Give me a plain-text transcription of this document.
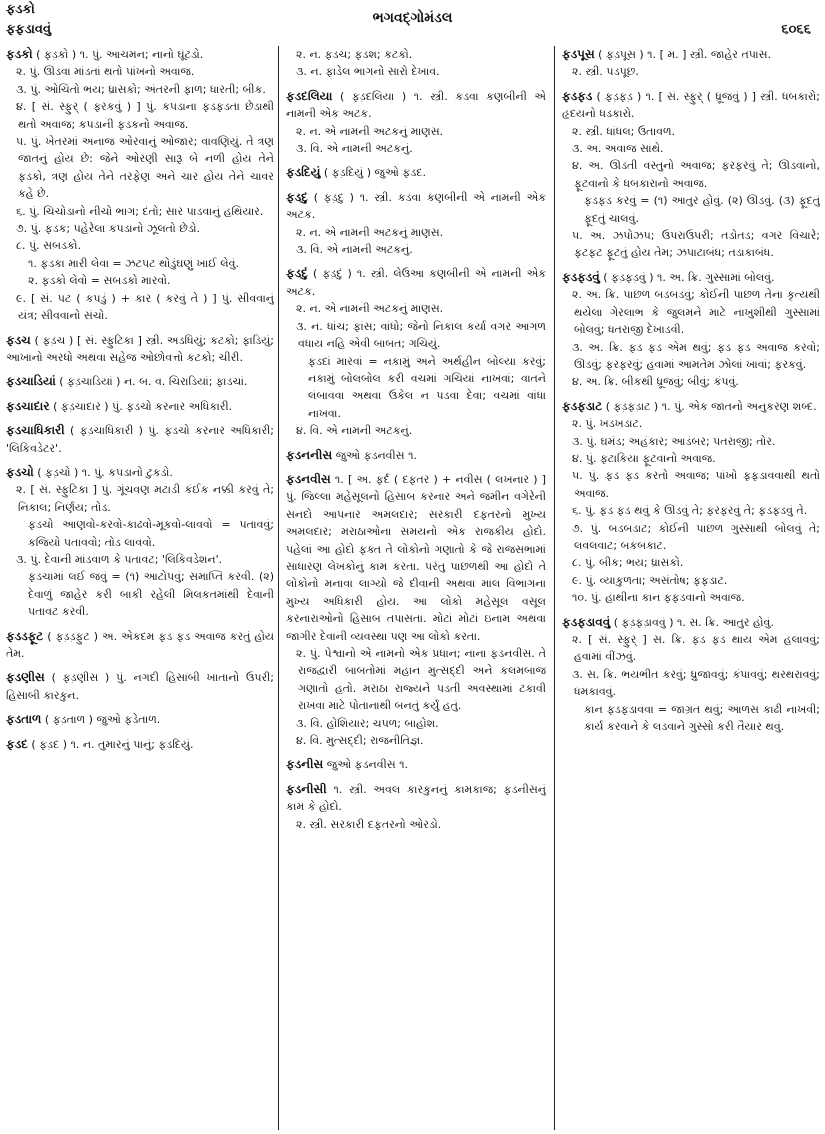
ફડકો
ફફડાવવું
ભગવદ્ગોમંડલ
૬૦૬૬
ફડકો ( ફડ઼કો ) ૧. પું. આચમન; નાનો ઘૂંટડો.
૨. પું. ઊડવા માંડતાં થતો પાંખનો અવાજ.
૩. પું. ઓચિંતો ભય; ધ્રાસકો; અંતરની ફાળ; ધારતી; બીક.
૪. [ સં. સ્ફુર્ ( ફરકવું ) ] પું. કપડાના ફડફડતા છેડાથી થતો અવાજ; કપડાની ફડકનો અવાજ.
૫. પું. ખેતરમાં અનાજ ઓરવાનું ઓજાર; વાવણિયું. તે ત્રણ જાતનું હોય છે: જેને ઓરણી સારૂ બે નળી હોય તેને ફડકો, ત્રણ હોય તેને તરફેણ અને ચાર હોય તેને ચાવર કહે છે.
૬. પું. ચિચોડાનો નીચો ભાગ; દંતો; સાર પાડવાનું હથિયાર.
૭. પું. ફડક; પહેરેલા કપડાનો ઝૂલતો છેડો.
૮. પું. સબડકો.
૧. ફડકા મારી લેવા = ઝટપટ થોડુંઘણું ખાઈ લેવું.
૨. ફડકો લેવો = સબડકો મારવો.
૯. [ સં. પટ ( કપડું ) + કાર ( કરવું તે ) ] પું. સીવવાનું યંત્ર; સીવવાનો સંચો.
ફડચ ( ફડ઼ચ ) [ સં. સ્ફુટિકા ] સ્ત્રી. અડધિયું; કટકો; ફાડિયું; આખાનો અરધો અથવા સહેજ ઓછોવત્તો કટકો; ચીરી.
ફડચાડિયાં ( ફડ઼ચાડિયાં ) ન. બ. વ. ચિરાડિયાં; ફાડચાં.
ફડચાદાર ( ફડ઼ચાદાર ) પું. ફડચો કરનાર અધિકારી.
ફડચાધિકારી ( ફડ઼ચાધિકારી ) પું. ફડચો કરનાર અધિકારી; 'લિકિવડેટર'.
ફડચો ( ફડ઼ચો ) ૧. પું. કપડાનો ટુકડો.
૨. [ સં. સ્ફુટિકા ] પું. ગૂંચવણ મટાડી કંઈક નક્કી કરવું તે; નિકાલ; નિર્ણય; તોડ.
ફડચો આણવો-કરવો-કાઢવો-મૂકવો-લાવવો = પતાવવું; કજિયો પતાવવો; તોડ લાવવો.
૩. પું. દેવાની માંડવાળ કે પતાવટ; 'લિકિવડેશન'.
ફડચામાં લઈ જવું = (૧) આટોપવું; સમાપ્તિ કરવી. (૨) દેવાળું જાહેર કરી બાકી રહેલી મિલકતમાંથી દેવાની પતાવટ કરવી.
ફડડફૂટ ( ફડ઼ડ઼ફુટ ) અ. એકદમ ફડ ફડ અવાજ કરતું હોય તેમ.
ફડણીસ ( ફડ઼ણીસ ) પું. નગદી હિસાબી ખાતાનો ઉપરી; હિસાબી કારકુન.
ફડતાળ ( ફડ઼તાળ ) જુઓ ફડેતાળ.
ફડદ ( ફડ઼દ ) ૧. ન. તુમારનું પાનું; ફડદિયું.
૨. ન. ફડચ; ફડશ; કટકો.
૩. ન. ફાડેલ ભાગનો સારો દેખાવ.
ફડદલિયા ( ફડ઼દલિયા ) ૧. સ્ત્રી. કડવા કણબીની એ નામની એક અટક.
૨. ન. એ નામની અટકનું માણસ.
૩. વિ. એ નામની અટકનું.
ફડદિયું ( ફડ઼દિયું ) જુઓ ફડદ.
ફડદુ ( ફડ઼દુ ) ૧. સ્ત્રી. કડવા કણબીની એ નામની એક અટક.
૨. ન. એ નામની અટકનું માણસ.
૩. વિ. એ નામની અટકનું.
ફડદું ( ફડ઼દું ) ૧. સ્ત્રી. લેઉઆ કણબીની એ નામની એક અટક.
૨. ન. એ નામની અટકનું માણસ.
૩. ન. ધાંચ; ફાંસ; વાંધો; જેનો નિકાલ કર્યા વગર આગળ વધાય નહિ એવી બાબત; ગચિયું.
ફડદાં મારવાં = નકામું અને અર્થહીન બોલ્યા કરવું; નકામું બોલબોલ કરી વચમાં ગચિયાં નાખવાં; વાતને લંબાવવા અથવા ઉકેલ ન પડવા દેવા; વચમાં વાંધા નાખવા.
૪. વિ. એ નામની અટકનું.
ફડનનીસ જુઓ ફડનવીસ ૧.
ફડનવીસ ૧. [ અ. ફર્દ ( દફતર ) + નવીસ ( લખનાર ) ] પું. જિલ્લા મહેસૂલનો હિસાબ કરનાર અને જમીન વગેરેની સનદો આપનાર અમલદાર; સરકારી દફતરનો મુખ્ય અમલદાર; મરાઠાઓના સમયનો એક રાજકીય હોદો. પહેલાં આ હોદો ફક્ત તે લોકોનો ગણાતો કે જે રાજસભામાં સાધારણ લેખકોનું કામ કરતા. પરંતુ પાછળથી આ હોદો તે લોકોનો મનાવા લાગ્યો જે દીવાની અથવા માલ વિભાગના મુખ્ય અધિકારી હોય. આ લોકો મહેસૂલ વસૂલ કરનારાઓનો હિસાબ તપાસતા. મોટાં મોટાં ઇનામ અથવા જાગીર દેવાની વ્યવસ્થા પણ આ લોકો કરતા.
૨. પું. પેશ્વાનો એ નામનો એક પ્રધાન; નાના ફડનવીસ. તે રાજદ્વારી બાબતોમાં મહાન મુત્સદ્દી અને કલમબાજ ગણાતો હતો. મરાઠા રાજ્યને પડતી અવસ્થામાં ટકાવી રાખવા માટે પોતાનાથી બનતું કર્યું હતું.
૩. વિ. હોશિયાર; ચપળ; બાહોશ.
૪. વિ. મુત્સદ્દી; રાજનીતિજ્ઞ.
ફડનીસ જુઓ ફડનવીસ ૧.
ફડનીસી ૧. સ્ત્રી. અવલ કારકુનનું કામકાજ; ફડનીસનું કામ કે હોદો.
૨. સ્ત્રી. સરકારી દફતરનો ઓરડો.
ફડપૂસ ( ફડ઼પૂસ ) ૧. [ મ. ] સ્ત્રી. જાહેર તપાસ.
૨. સ્ત્રી. પડપૂછ.
ફડફડ ( ફડ઼ફડ઼ ) ૧. [ સં. સ્ફુર્ ( ધ્રૂજવું ) ] સ્ત્રી. ધબકારો; હૃદયનો ધડકારો.
૨. સ્ત્રી. ધાંધલ; ઉતાવળ.
૩. અ. અવાજ સાથે.
૪. અ. ઊડતી વસ્તુનો અવાજ; ફરફરવું તે; ઊડવાનો, ફૂટવાનો કે ધબકારાનો અવાજ.
ફડફડ કરવું = (૧) આતુર હોવું. (૨) ઊડવું. (૩) ફૂદતું ફૂદતું ચાલવું.
૫. અ. ઝપોઝપ; ઉપરાઉપરી; તડોતડ; વગર વિચારે; ફટફટ ફૂટતું હોય તેમ; ઝપાટાબંધ; તડાકાબંધ.
ફડફડવું ( ફડ઼ફડ઼વું ) ૧. અ. ક્રિ. ગુસ્સામાં બોલવું.
૨. અ. ક્રિ. પાછળ બડબડવું; કોઈની પાછળ તેના કૃત્યથી થયેલા ગેરલાભ કે જુલમને માટે નાખુશીથી ગુસ્સામાં બોલવું; ધતરાજી દેખાડવી.
૩. અ. ક્રિ. ફડ ફડ એમ થવું; ફડ ફડ અવાજ કરવો; ઊડવું; ફરફરવું; હવામાં આમતેમ ઝોલાં ખાવાં; ફરકવું.
૪. અ. ક્રિ. બીકથી ધ્રૂજવું; બીવું; કંપવું.
ફડફડાટ ( ફડ઼ફડ઼ાટ ) ૧. પું. એક જાતનો અનુકરણ શબ્દ.
૨. પું. ખડખડાટ.
૩. પું. ઘમંડ; અહંકાર; આડંબર; પતરાજી; તોર.
૪. પું. ફટાકિયા ફૂટવાનો અવાજ.
૫. પું. ફડ ફડ કરતો અવાજ; પાંખો ફફડાવવાથી થતો અવાજ.
૬. પું. ફડ ફડ થવું કે ઊડવું તે; ફરફરવું તે; ફડફડવું તે.
૭. પું. બડબડાટ; કોઈની પાછળ ગુસ્સાથી બોલવું તે; લવલવાટ; બકબકાટ.
૮. પું. બીક; ભય; ધ્રાસકો.
૯. પું. વ્યાકુળતા; અસંતોષ; ફફડાટ.
૧૦. પું. હાથીના કાન ફફડવાનો અવાજ.
ફડફડાવવું ( ફડ઼ફડ઼ાવવું ) ૧. સ. ક્રિ. આતુર હોવું.
૨. [ સં. સ્ફુર્ ] સ. ક્રિ. ફડ ફડ થાય એમ હલાવવું; હવામાં વીંઝવું.
૩. સ. ક્રિ. ભયભીત કરવું; ધ્રુજાવવું; કંપાવવું; થરથરાવવું; ધમકાવવું.
કાન ફડફડાવવા = જાગ્રત થવું; આળસ કાઢી નાખવી; કાર્ય કરવાને કે લડવાને ગુસ્સો કરી તૈયાર થવું.
